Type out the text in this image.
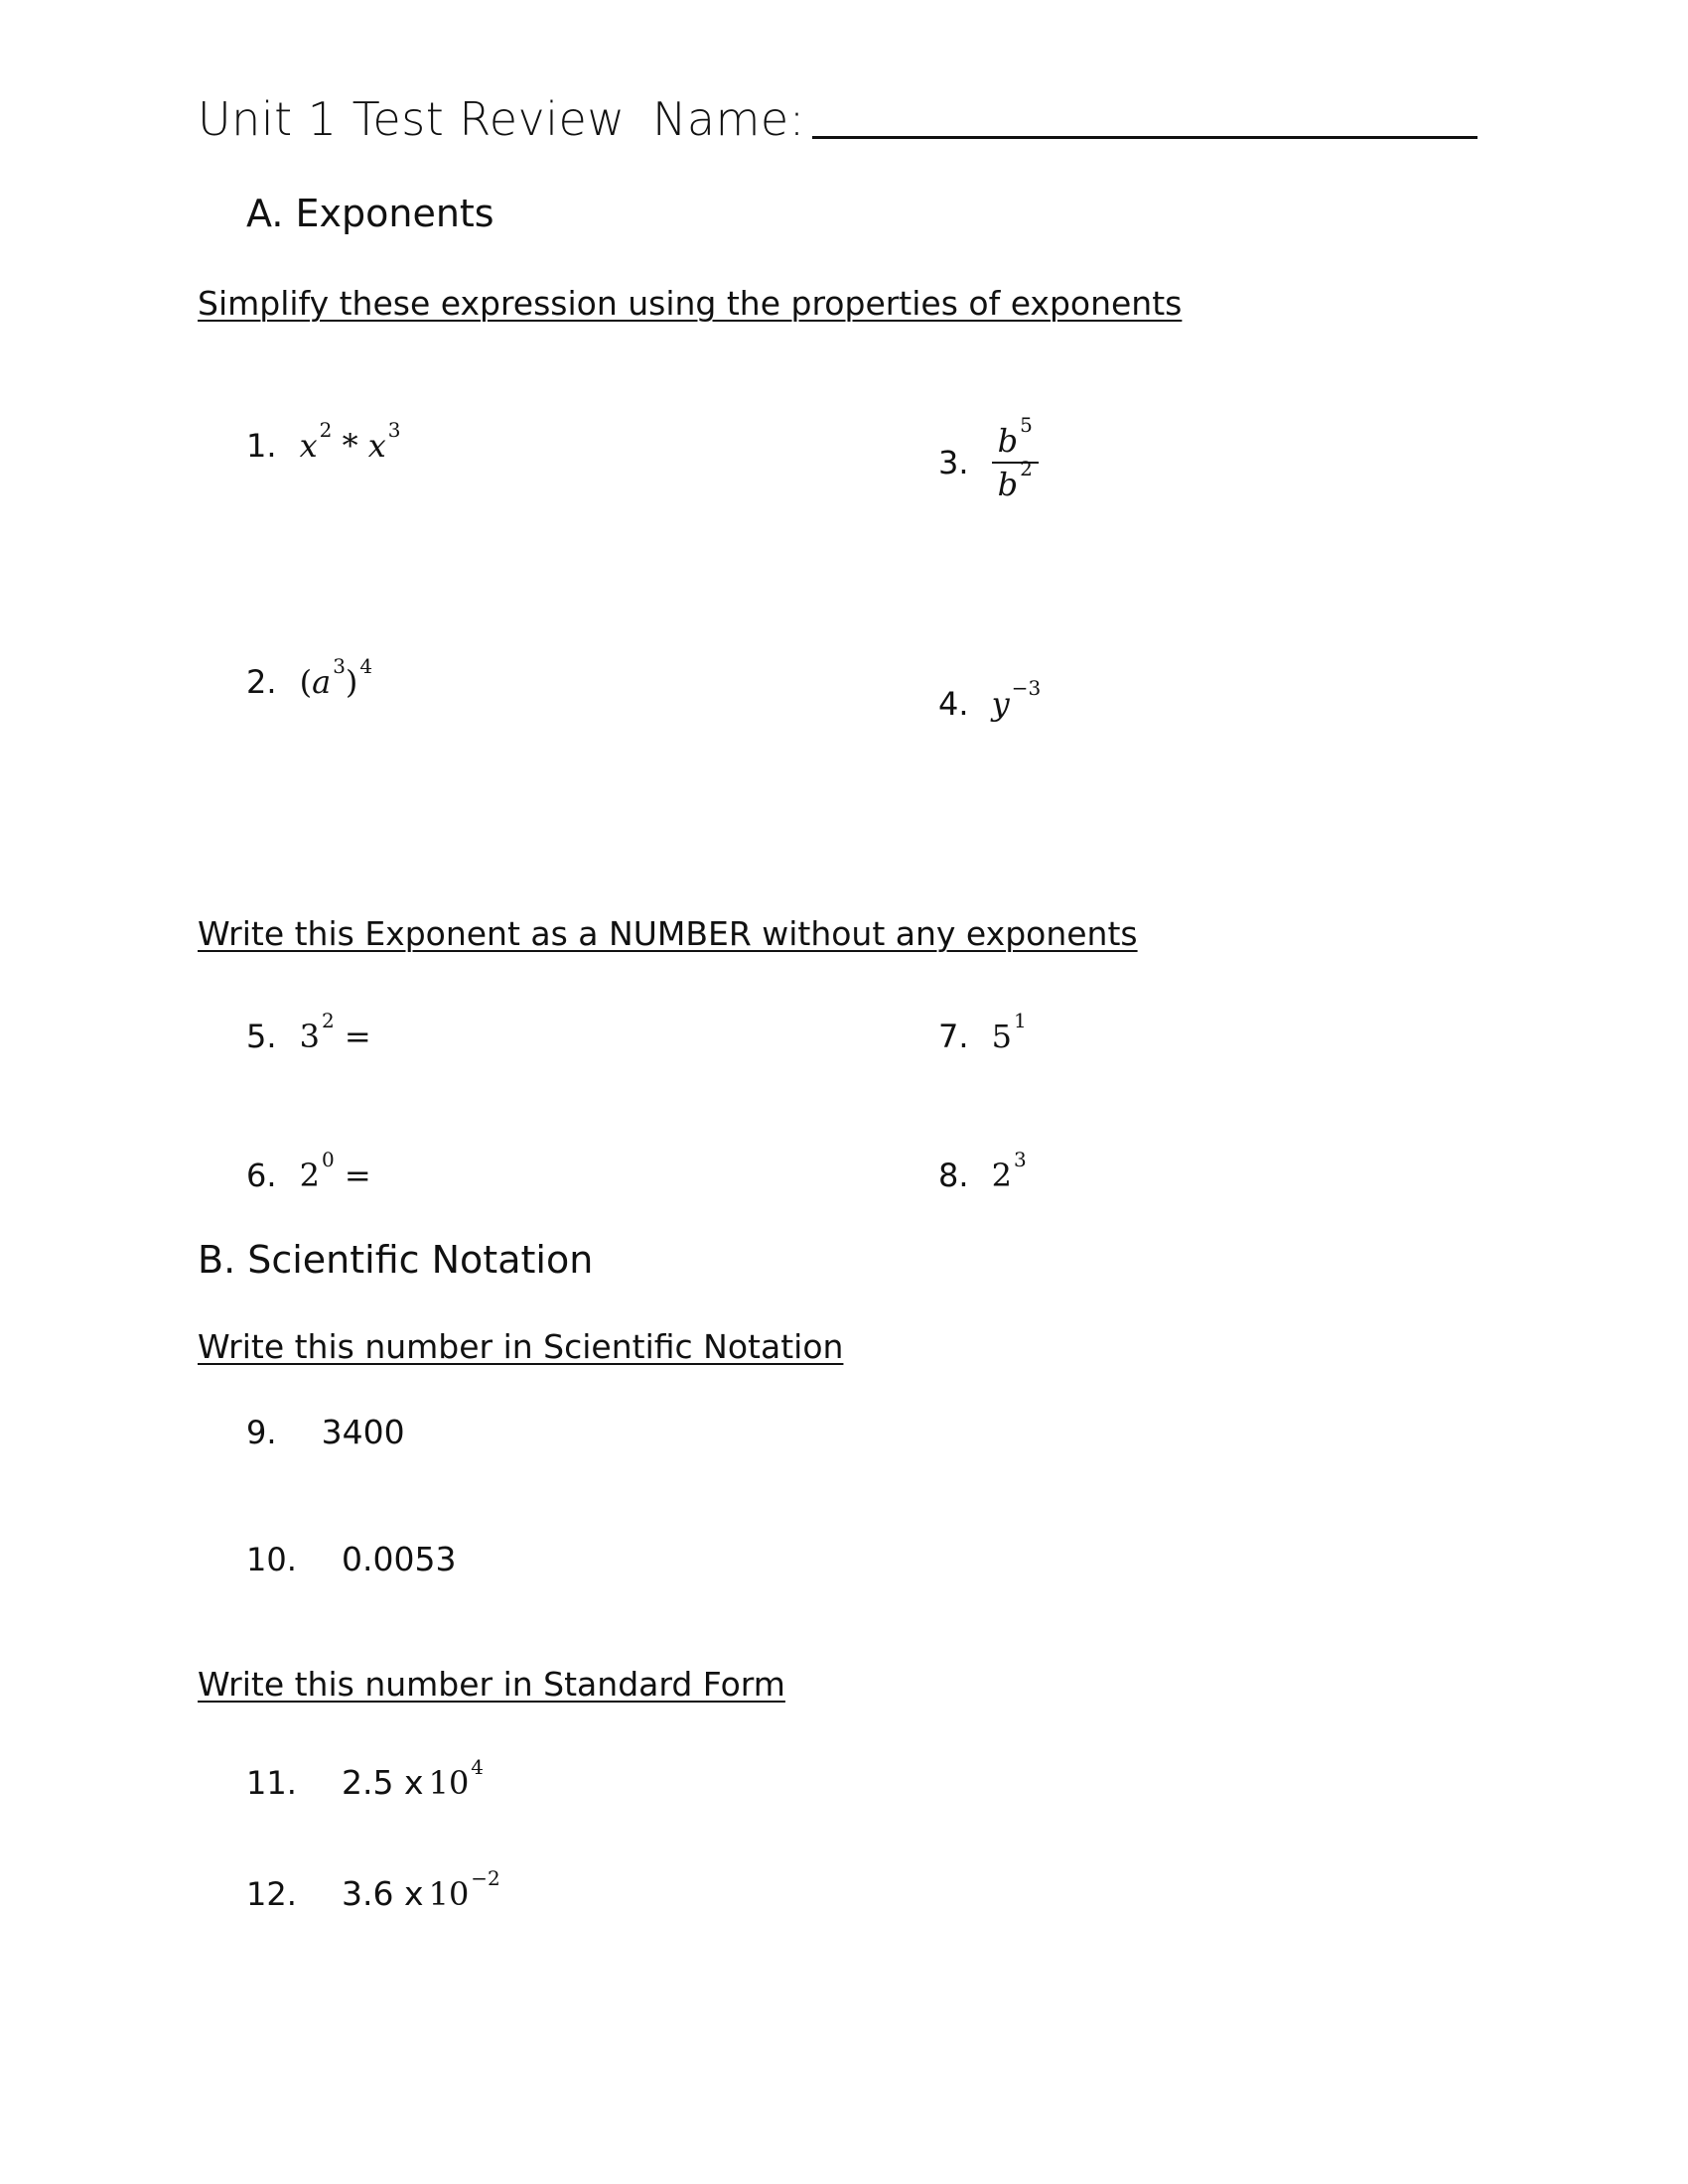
Unit 1 Test Review Name:
A. Exponents
Simplify these expression using the properties of exponents
1. x $^2$ * x $^3$
3. $\frac{b ^5}{b ^2}$
2. (a $^3$) $^4$
4. y $^{-3}$
Write this Exponent as a NUMBER without any exponents
5. 3 $^2$ =	7. 5 $^1$
6. 2 $^0$ =	8. 2 $^3$
B. Scientific Notation
Write this number in Scientific Notation
9. 3400
10. 0.0053
Write this number in Standard Form
11. 2.5 x 10 $^4$
12. 3.6 x 10 $^{-2}$
